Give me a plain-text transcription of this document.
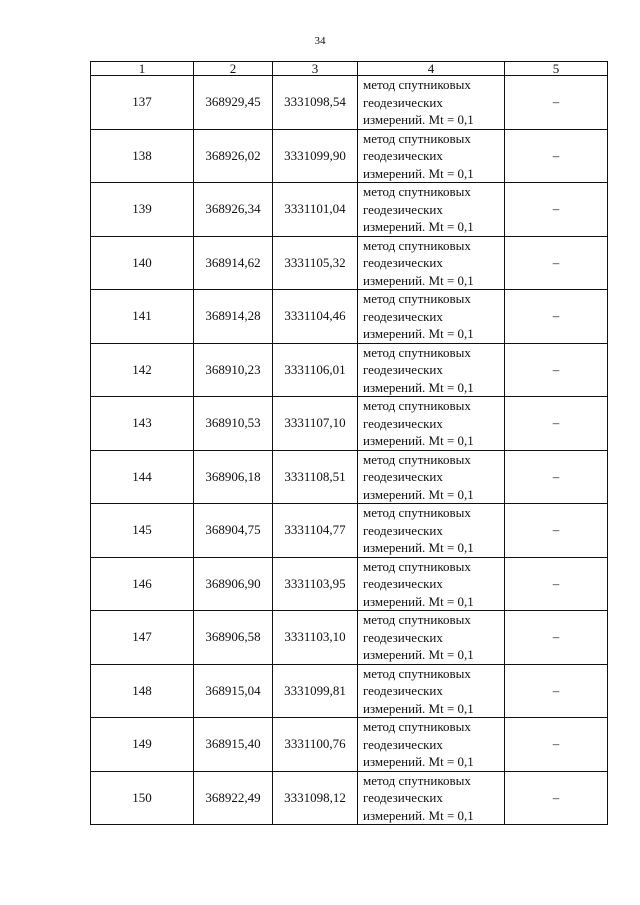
34
1	2	3	4	5
137	368929,45	3331098,54	метод спутниковых
геодезических
измерений. Mt = 0,1	–
138	368926,02	3331099,90	метод спутниковых
геодезических
измерений. Mt = 0,1	–
139	368926,34	3331101,04	метод спутниковых
геодезических
измерений. Mt = 0,1	–
140	368914,62	3331105,32	метод спутниковых
геодезических
измерений. Mt = 0,1	–
141	368914,28	3331104,46	метод спутниковых
геодезических
измерений. Mt = 0,1	–
142	368910,23	3331106,01	метод спутниковых
геодезических
измерений. Mt = 0,1	–
143	368910,53	3331107,10	метод спутниковых
геодезических
измерений. Mt = 0,1	–
144	368906,18	3331108,51	метод спутниковых
геодезических
измерений. Mt = 0,1	–
145	368904,75	3331104,77	метод спутниковых
геодезических
измерений. Mt = 0,1	–
146	368906,90	3331103,95	метод спутниковых
геодезических
измерений. Mt = 0,1	–
147	368906,58	3331103,10	метод спутниковых
геодезических
измерений. Mt = 0,1	–
148	368915,04	3331099,81	метод спутниковых
геодезических
измерений. Mt = 0,1	–
149	368915,40	3331100,76	метод спутниковых
геодезических
измерений. Mt = 0,1	–
150	368922,49	3331098,12	метод спутниковых
геодезических
измерений. Mt = 0,1	–
